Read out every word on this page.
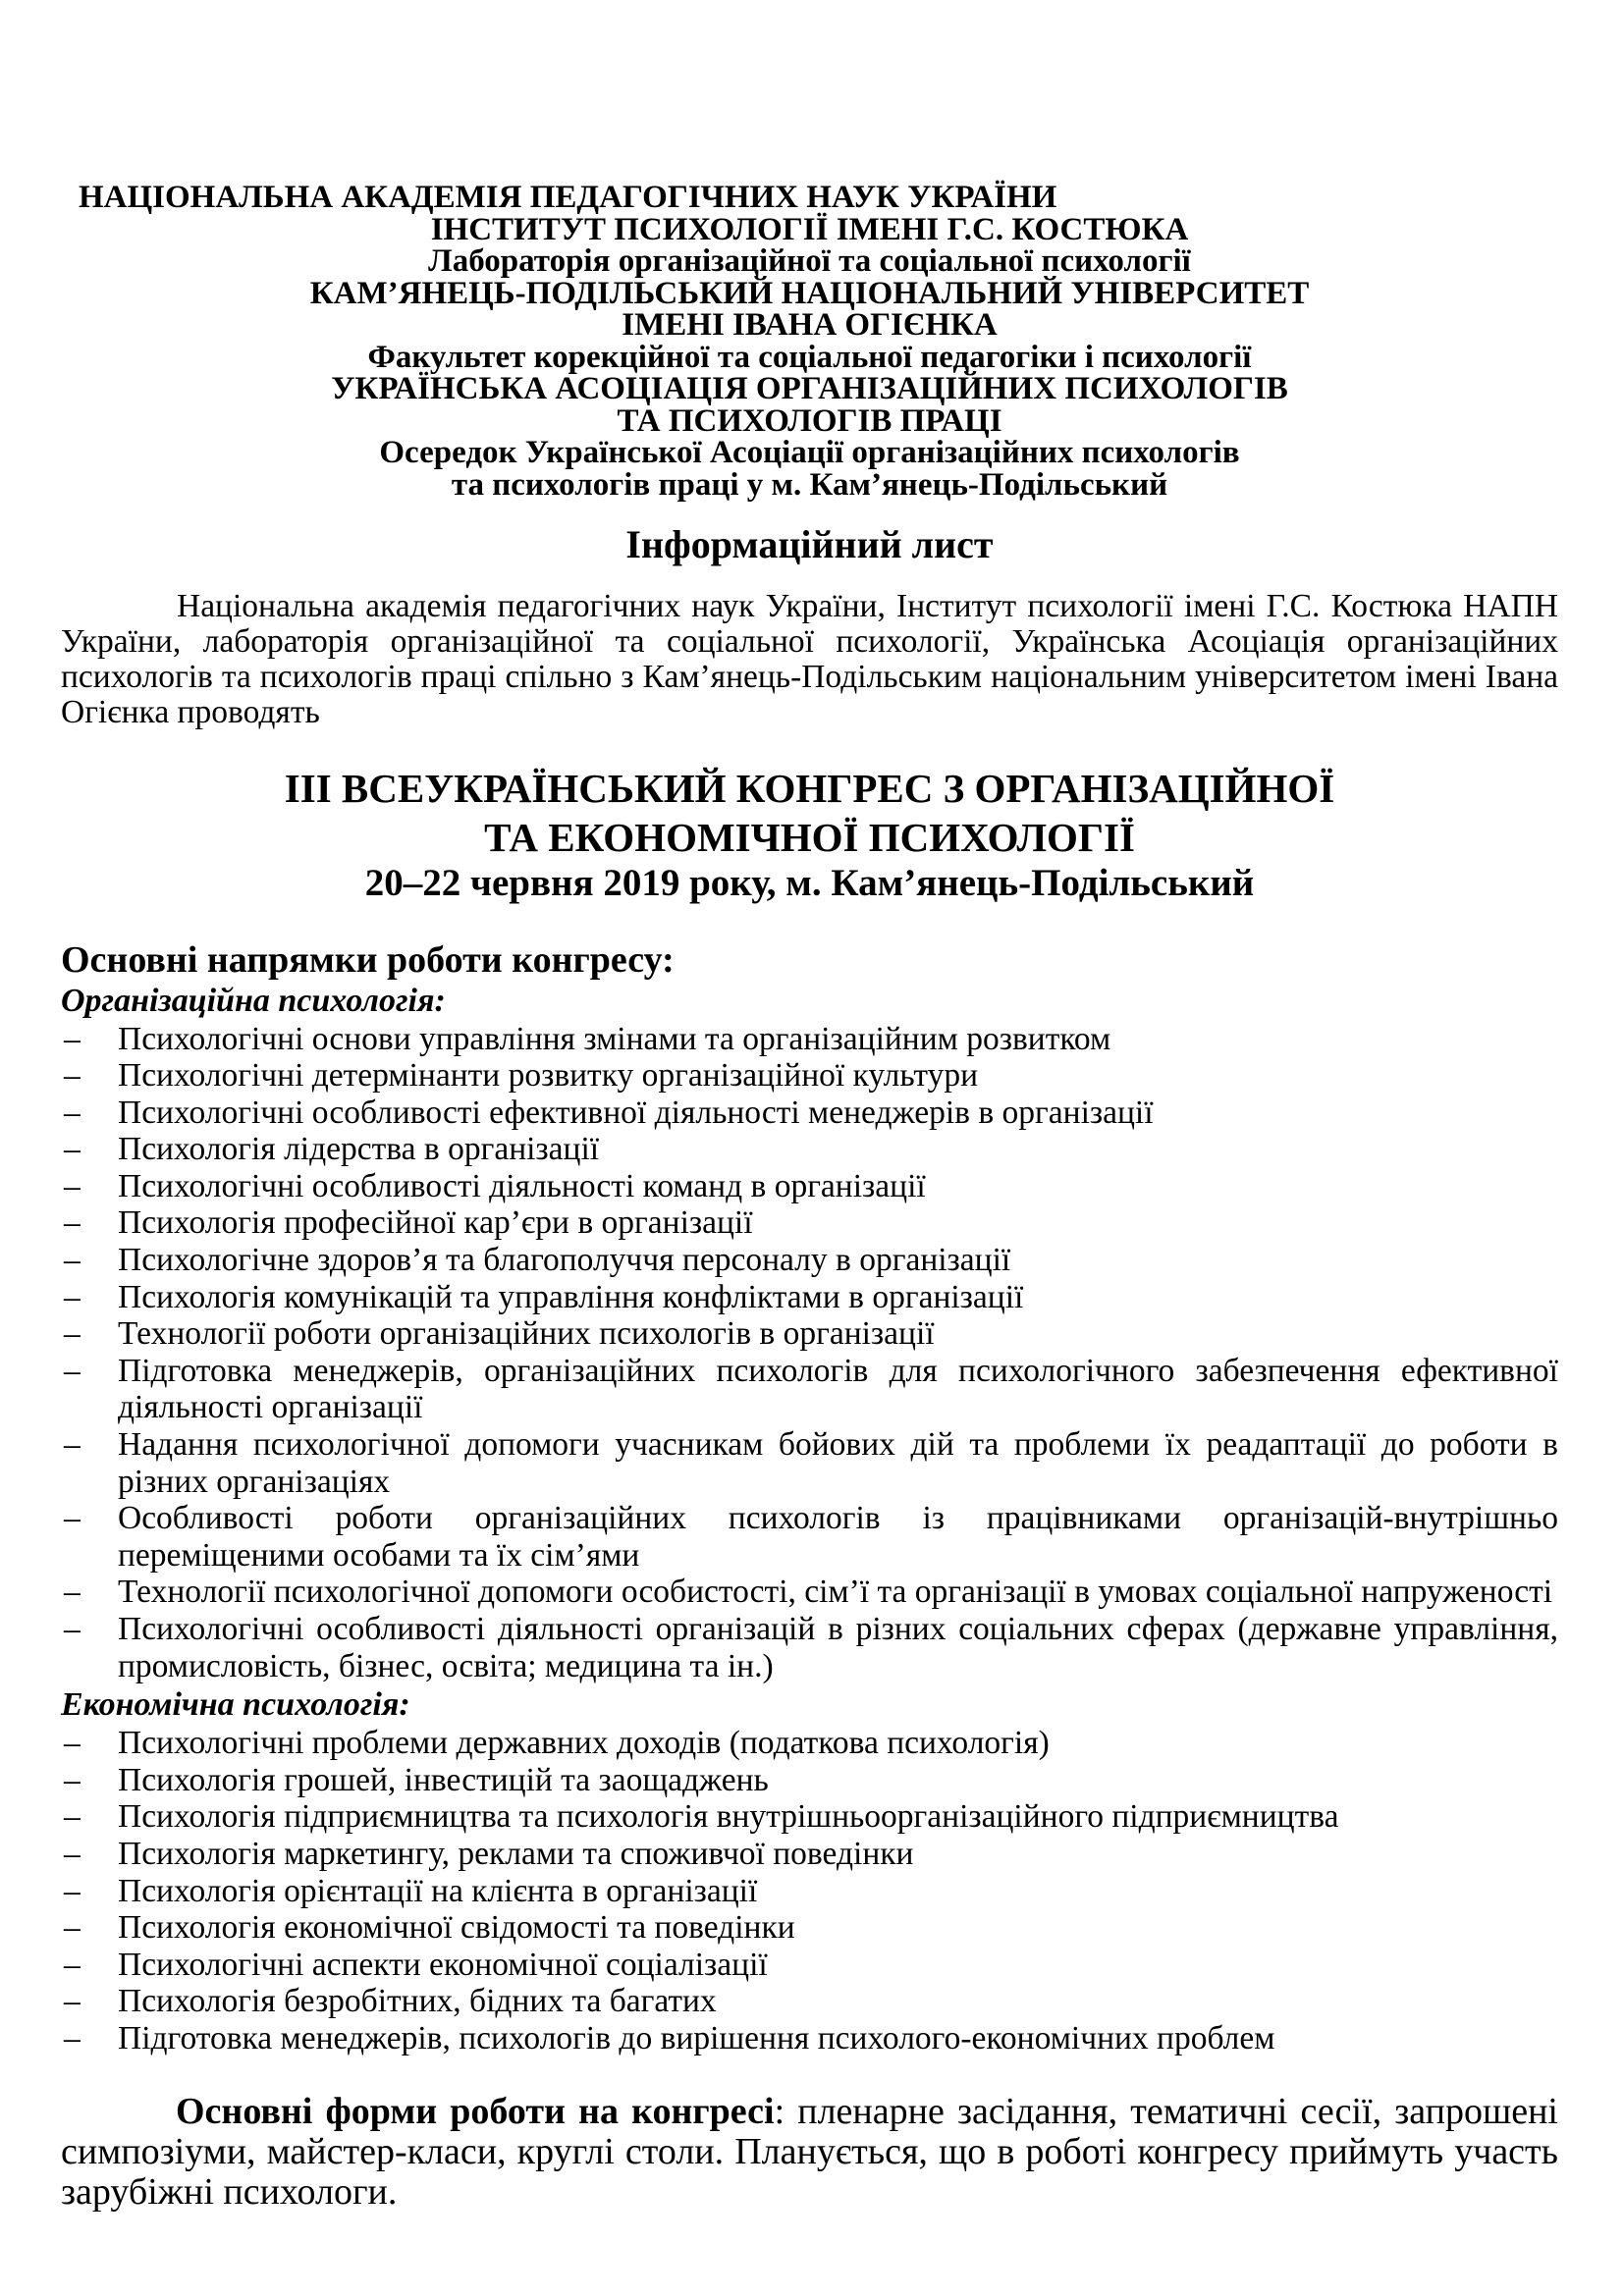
НАЦІОНАЛЬНА АКАДЕМІЯ ПЕДАГОГІЧНИХ НАУК УКРАЇНИ
ІНСТИТУТ ПСИХОЛОГІЇ ІМЕНІ Г.С. КОСТЮКА
Лабораторія організаційної та соціальної психології
КАМ’ЯНЕЦЬ-ПОДІЛЬСЬКИЙ НАЦІОНАЛЬНИЙ УНІВЕРСИТЕТ
ІМЕНІ ІВАНА ОГІЄНКА
Факультет корекційної та соціальної педагогіки і психології
УКРАЇНСЬКА АСОЦІАЦІЯ ОРГАНІЗАЦІЙНИХ ПСИХОЛОГІВ
ТА ПСИХОЛОГІВ ПРАЦІ
Осередок Української Асоціації організаційних психологів
та психологів праці у м. Кам’янець-Подільський
Інформаційний лист

Національна академія педагогічних наук України, Інститут психології імені Г.С. Костюка НАПН України, лабораторія організаційної та соціальної психології, Українська Асоціація організаційних психологів та психологів праці спільно з Кам’янець-Подільським національним університетом імені Івана Огієнка проводять

ІІІ ВСЕУКРАЇНСЬКИЙ КОНГРЕС З ОРГАНІЗАЦІЙНОЇ
ТА ЕКОНОМІЧНОЇ ПСИХОЛОГІЇ
20–22 червня 2019 року, м. Кам’янець-Подільський
Основні напрямки роботи конгресу:
Організаційна психологія:
– Психологічні основи управління змінами та організаційним розвитком
– Психологічні детермінанти розвитку організаційної культури
– Психологічні особливості ефективної діяльності менеджерів в організації
– Психологія лідерства в організації
– Психологічні особливості діяльності команд в організації
– Психологія професійної кар’єри в організації
– Психологічне здоров’я та благополуччя персоналу в організації
– Психологія комунікацій та управління конфліктами в організації
– Технології роботи організаційних психологів в організації
– Підготовка менеджерів, організаційних психологів для психологічного забезпечення ефективної діяльності організації
– Надання психологічної допомоги учасникам бойових дій та проблеми їх реадаптації до роботи в різних організаціях
– Особливості роботи організаційних психологів із працівниками організацій-внутрішньо переміщеними особами та їх сім’ями
– Технології психологічної допомоги особистості, сім’ї та організації в умовах соціальної напруженості
– Психологічні особливості діяльності організацій в різних соціальних сферах (державне управління, промисловість, бізнес, освіта; медицина та ін.)
Економічна психологія:
– Психологічні проблеми державних доходів (податкова психологія)
– Психологія грошей, інвестицій та заощаджень
– Психологія підприємництва та психологія внутрішньоорганізаційного підприємництва
– Психологія маркетингу, реклами та споживчої поведінки
– Психологія орієнтації на клієнта в організації
– Психологія економічної свідомості та поведінки
– Психологічні аспекти економічної соціалізації
– Психологія безробітних, бідних та багатих
– Підготовка менеджерів, психологів до вирішення психолого-економічних проблем

Основні форми роботи на конгресі: пленарне засідання, тематичні сесії, запрошені симпозіуми, майстер-класи, круглі столи. Планується, що в роботі конгресу приймуть участь зарубіжні психологи.
